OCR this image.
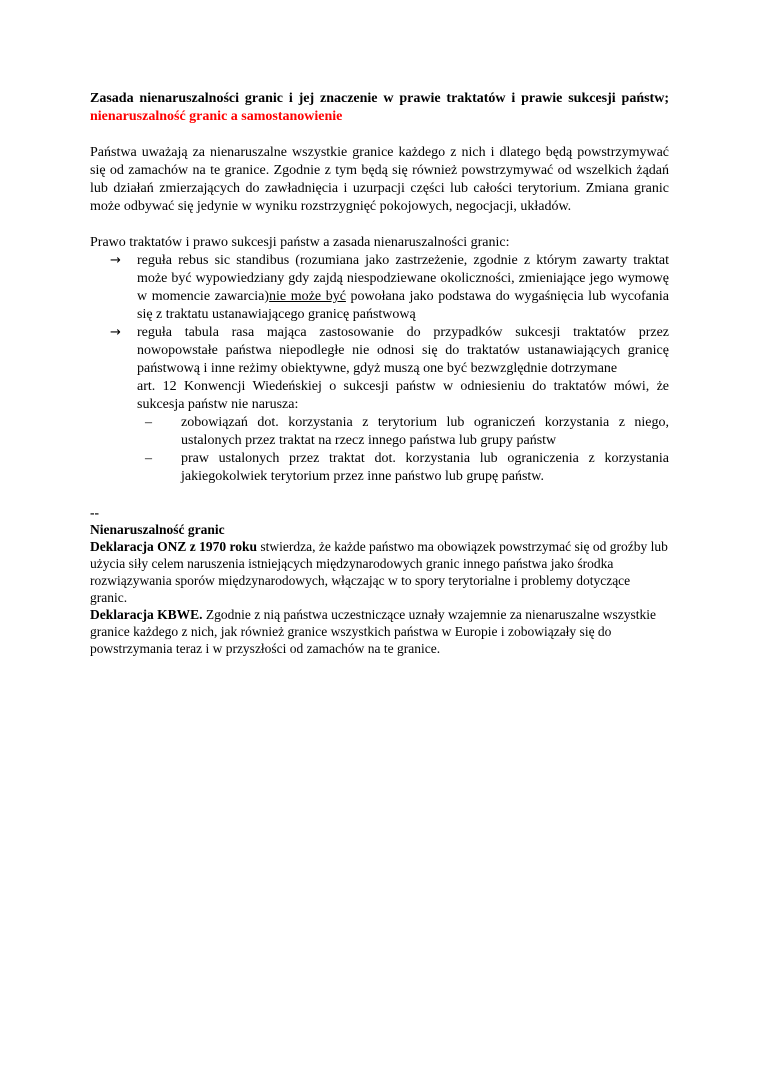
Zasada nienaruszalności granic i jej znaczenie w prawie traktatów i prawie sukcesji państw; nienaruszalność granic a samostanowienie

Państwa uważają za nienaruszalne wszystkie granice każdego z nich i dlatego będą powstrzymywać się od zamachów na te granice. Zgodnie z tym będą się również powstrzymywać od wszelkich żądań lub działań zmierzających do zawładnięcia i uzurpacji części lub całości terytorium. Zmiana granic może odbywać się jedynie w wyniku rozstrzygnięć pokojowych, negocjacji, układów.

Prawo traktatów i prawo sukcesji państw a zasada nienaruszalności granic:

→ reguła rebus sic standibus (rozumiana jako zastrzeżenie, zgodnie z którym zawarty traktat może być wypowiedziany gdy zajdą niespodziewane okoliczności, zmieniające jego wymowę w momencie zawarcia)nie może być powołana jako podstawa do wygaśnięcia lub wycofania się z traktatu ustanawiającego granicę państwową
→ reguła tabula rasa mająca zastosowanie do przypadków sukcesji traktatów przez nowopowstałe państwa niepodległe nie odnosi się do traktatów ustanawiających granicę państwową i inne reżimy obiektywne, gdyż muszą one być bezwzględnie dotrzymane
art. 12 Konwencji Wiedeńskiej o sukcesji państw w odniesieniu do traktatów mówi, że sukcesja państw nie narusza:
– zobowiązań dot. korzystania z terytorium lub ograniczeń korzystania z niego, ustalonych przez traktat na rzecz innego państwa lub grupy państw
– praw ustalonych przez traktat dot. korzystania lub ograniczenia z korzystania jakiegokolwiek terytorium przez inne państwo lub grupę państw.

--

Nienaruszalność granic

Deklaracja ONZ z 1970 roku stwierdza, że każde państwo ma obowiązek powstrzymać się od groźby lub użycia siły celem naruszenia istniejących międzynarodowych granic innego państwa jako środka rozwiązywania sporów międzynarodowych, włączając w to spory terytorialne i problemy dotyczące granic.

Deklaracja KBWE. Zgodnie z nią państwa uczestniczące uznały wzajemnie za nienaruszalne wszystkie granice każdego z nich, jak również granice wszystkich państwa w Europie i zobowiązały się do powstrzymania teraz i w przyszłości od zamachów na te granice.
